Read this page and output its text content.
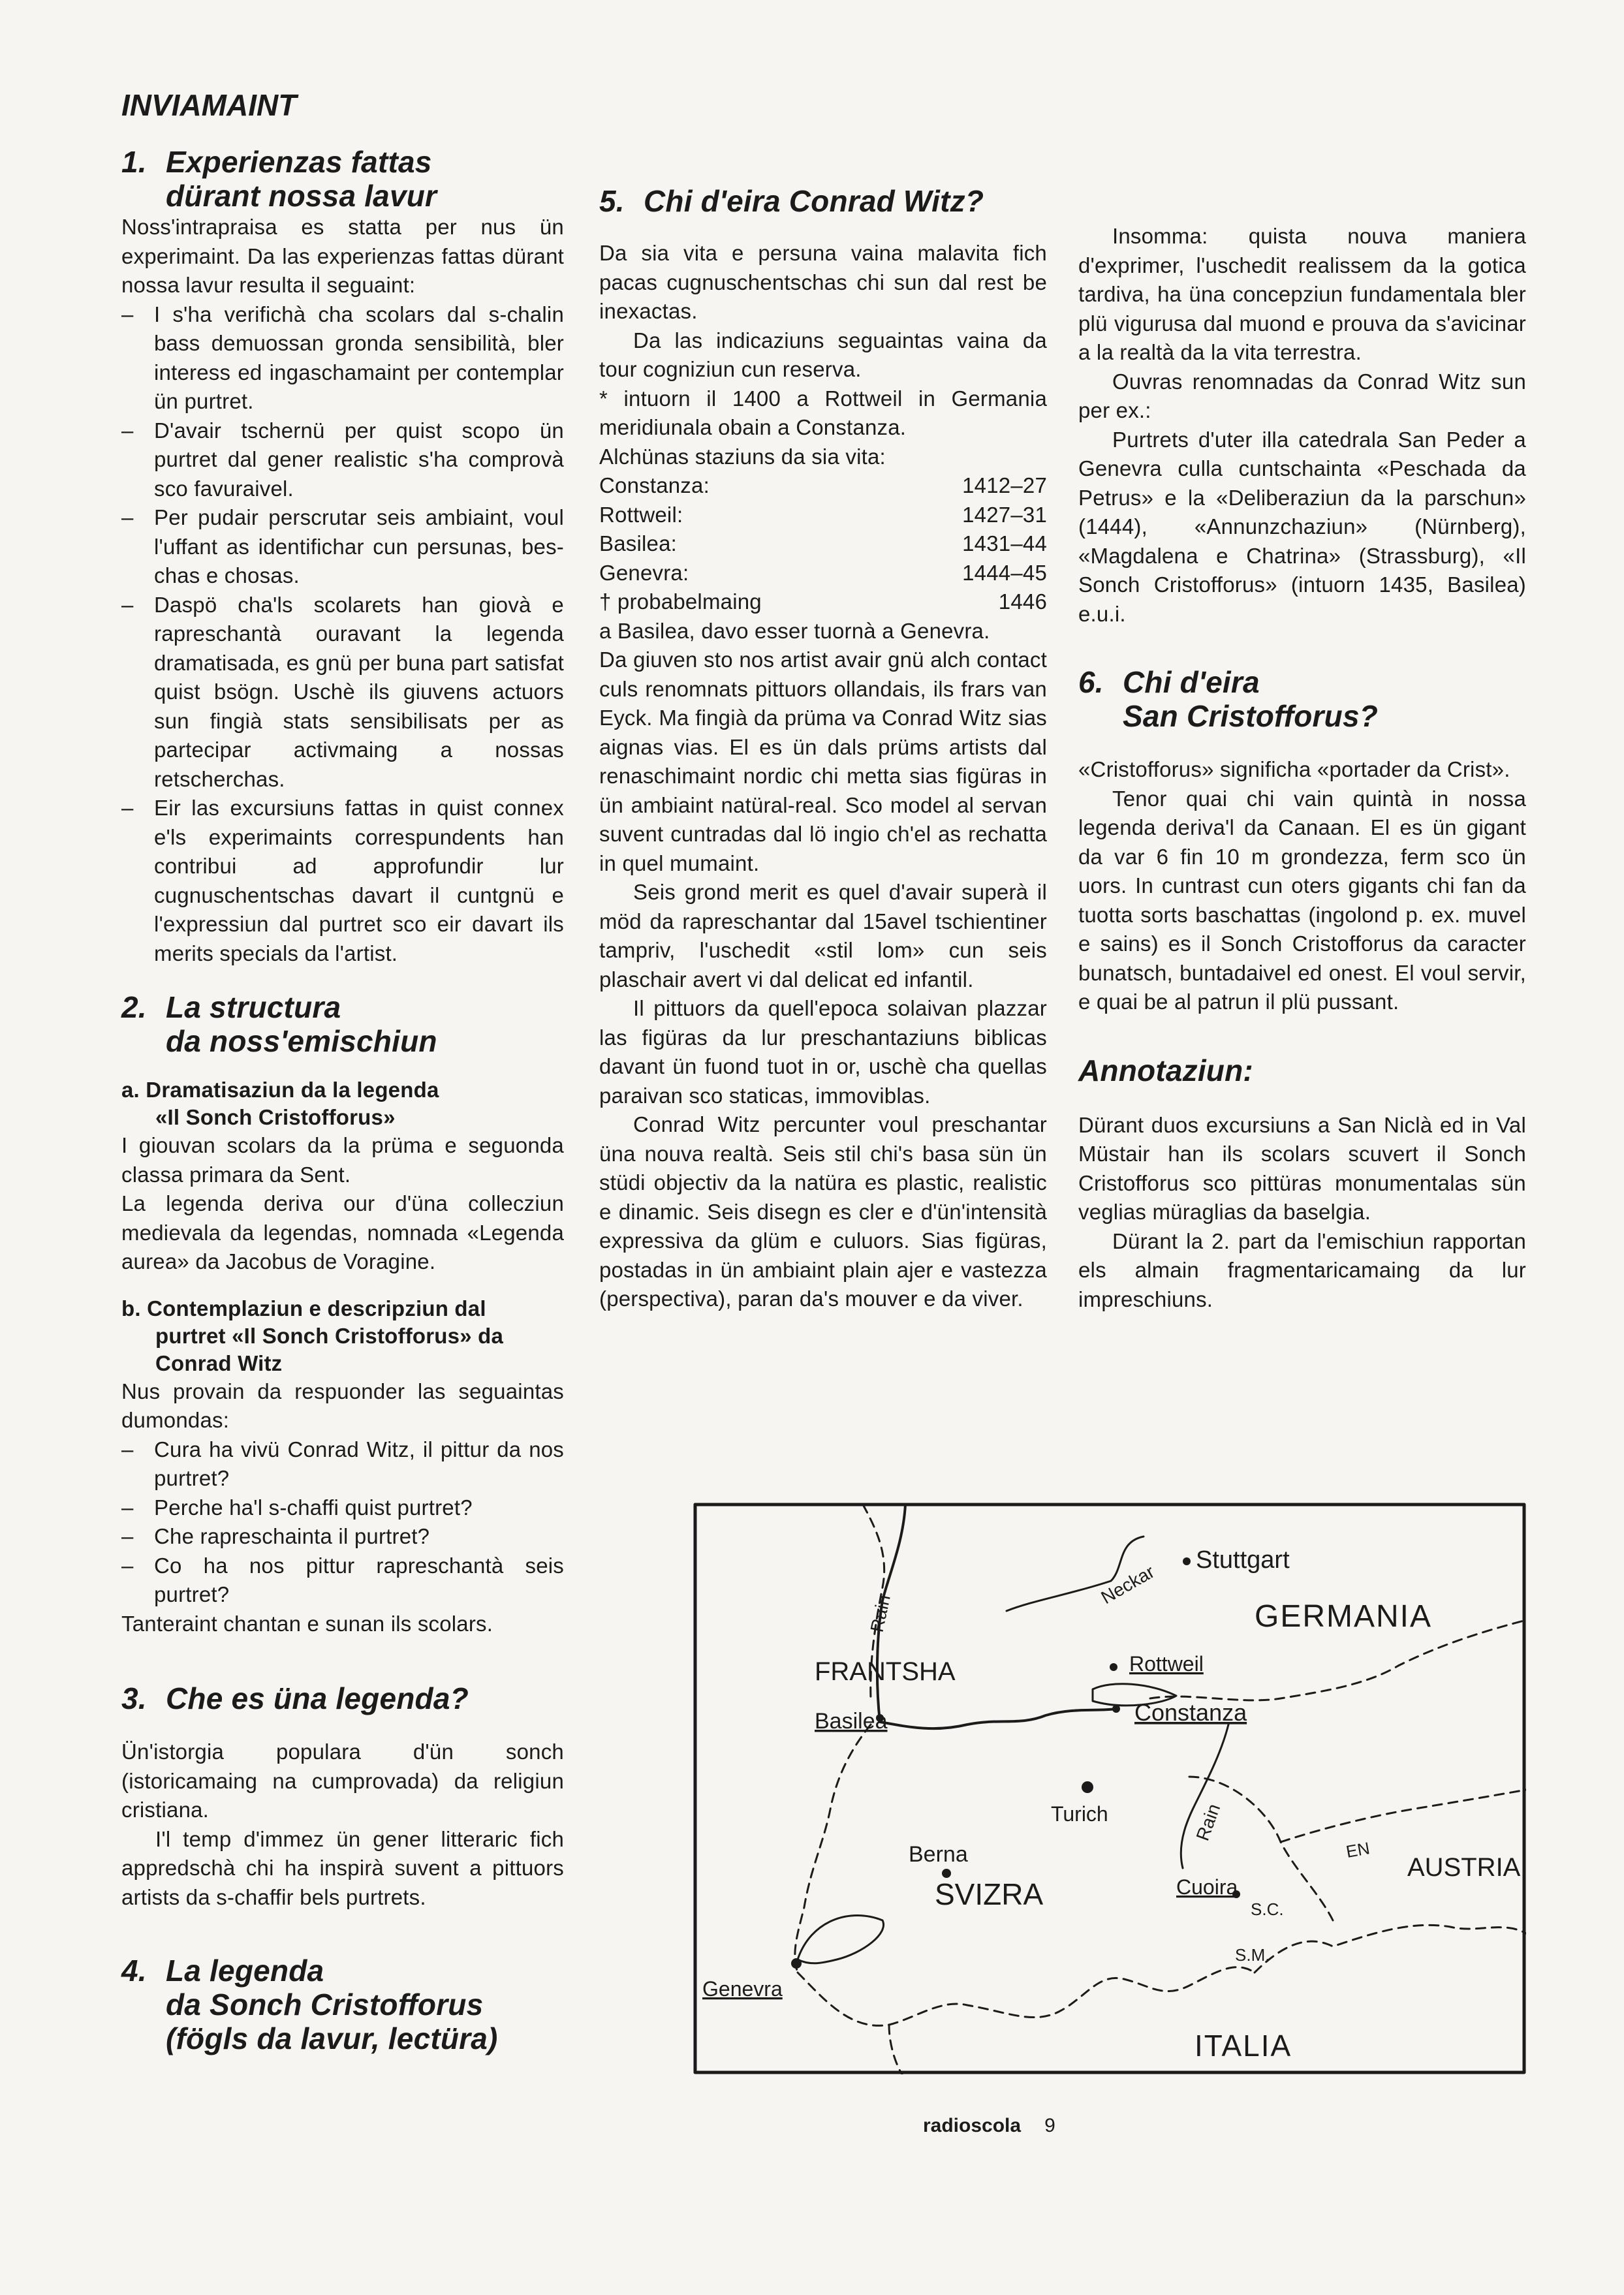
INVIAMAINT

1. Experienzas fattas
dürant nossa lavur

Noss'intrapraisa es statta per nus ün experimaint. Da las experienzas fattas dürant nossa lavur resulta il seguaint:

– I s'ha verifichà cha scolars dal s-chalin bass demuossan gronda sensibilità, bler interess ed ingaschamaint per contemplar ün purtret.
– D'avair tschernü per quist scopo ün purtret dal gener realistic s'ha comprovà sco favuraivel.
– Per pudair perscrutar seis ambiaint, voul l'uffant as identifichar cun persunas, bes-chas e chosas.
– Daspö cha'ls scolarets han giovà e rapreschantà ouravant la legenda dramatisada, es gnü per buna part satisfat quist bsögn. Uschè ils giuvens actuors sun fingià stats sensibilisats per as partecipar activmaing a nossas retscherchas.
– Eir las excursiuns fattas in quist connex e'ls experimaints correspundents han contribui ad approfundir lur cugnuschentschas davart il cuntgnü e l'expressiun dal purtret sco eir davart ils merits specials da l'artist.
2. La structura
da noss'emischiun
a. Dramatisaziun da la legenda
«Il Sonch Cristofforus»

I giouvan scolars da la prüma e seguonda classa primara da Sent.

La legenda deriva our d'üna collecziun medievala da legendas, nomnada «Legenda aurea» da Jacobus de Voragine.

b. Contemplaziun e descripziun dal
purtret «Il Sonch Cristofforus» da
Conrad Witz

Nus provain da respuonder las seguaintas dumondas:

– Cura ha vivü Conrad Witz, il pittur da nos purtret?
– Perche ha'l s-chaffi quist purtret?
– Che rapreschainta il purtret?
– Co ha nos pittur rapreschantà seis purtret?

Tanteraint chantan e sunan ils scolars.

3. Che es üna legenda?

Ün'istorgia populara d'ün sonch (istoricamaing na cumprovada) da religiun cristiana.

I'l temp d'immez ün gener litteraric fich appredschà chi ha inspirà suvent a pittuors artists da s-chaffir bels purtrets.

4. La legenda
da Sonch Cristofforus
(fögls da lavur, lectüra)
5. Chi d'eira Conrad Witz?

Da sia vita e persuna vaina malavita fich pacas cugnuschentschas chi sun dal rest be inexactas.

Da las indicaziuns seguaintas vaina da tour cogniziun cun reserva.

* intuorn il 1400 a Rottweil in Germania meridiunala obain a Constanza.

Alchünas staziuns da sia vita:

Constanza:	1412–27
Rottweil:	1427–31
Basilea:	1431–44
Genevra:	1444–45
† probabelmaing	1446

a Basilea, davo esser tuornà a Genevra.

Da giuven sto nos artist avair gnü alch contact culs renomnats pittuors ollandais, ils frars van Eyck. Ma fingià da prüma va Conrad Witz sias aignas vias. El es ün dals prüms artists dal renaschimaint nordic chi metta sias figüras in ün ambiaint natüral-real. Sco model al servan suvent cuntradas dal lö ingio ch'el as rechatta in quel mumaint.

Seis grond merit es quel d'avair superà il möd da rapreschantar dal 15avel tschientiner tampriv, l'uschedit «stil lom» cun seis plaschair avert vi dal delicat ed infantil.

Il pittuors da quell'epoca solaivan plazzar las figüras da lur preschantaziuns biblicas davant ün fuond tuot in or, uschè cha quellas paraivan sco staticas, immoviblas.

Conrad Witz percunter voul preschantar üna nouva realtà. Seis stil chi's basa sün ün stüdi objectiv da la natüra es plastic, realistic e dinamic. Seis disegn es cler e d'ün'intensità expressiva da glüm e culuors. Sias figüras, postadas in ün ambiaint plain ajer e vastezza (perspectiva), paran da's mouver e da viver.

Insomma: quista nouva maniera d'exprimer, l'uschedit realissem da la gotica tardiva, ha üna concepziun fundamentala bler plü vigurusa dal muond e prouva da s'avicinar a la realtà da la vita terrestra.

Ouvras renomnadas da Conrad Witz sun per ex.:

Purtrets d'uter illa catedrala San Peder a Genevra culla cuntschainta «Peschada da Petrus» e la «Deliberaziun da la parschun» (1444), «Annunzchaziun» (Nürnberg), «Magdalena e Chatrina» (Strassburg), «Il Sonch Cristofforus» (intuorn 1435, Basilea) e.u.i.

6. Chi d'eira
San Cristofforus?

«Cristofforus» significha «portader da Crist».

Tenor quai chi vain quintà in nossa legenda deriva'l da Canaan. El es ün gigant da var 6 fin 10 m grondezza, ferm sco ün uors. In cuntrast cun oters gigants chi fan da tuotta sorts baschattas (ingolond p. ex. muvel e sains) es il Sonch Cristofforus da caracter bunatsch, buntadaivel ed onest. El voul servir, e quai be al patrun il plü pussant.

Annotaziun:

Dürant duos excursiuns a San Niclà ed in Val Müstair han ils scolars scuvert il Sonch Cristofforus sco pittüras monumentalas sün veglias müraglias da baselgia.

Dürant la 2. part da l'emischiun rapportan els almain fragmentaricamaing da lur impreschiuns.

Stuttgart
Neckar
GERMANIA
Rottweil
FRANTSHA
Rain
Basilea	Constanza
Turich	Rain
Berna	EN
AUSTRIA
SVIZRA	Cuoira
S.C.
S.M.
Genevra
ITALIA
radioscola 9
